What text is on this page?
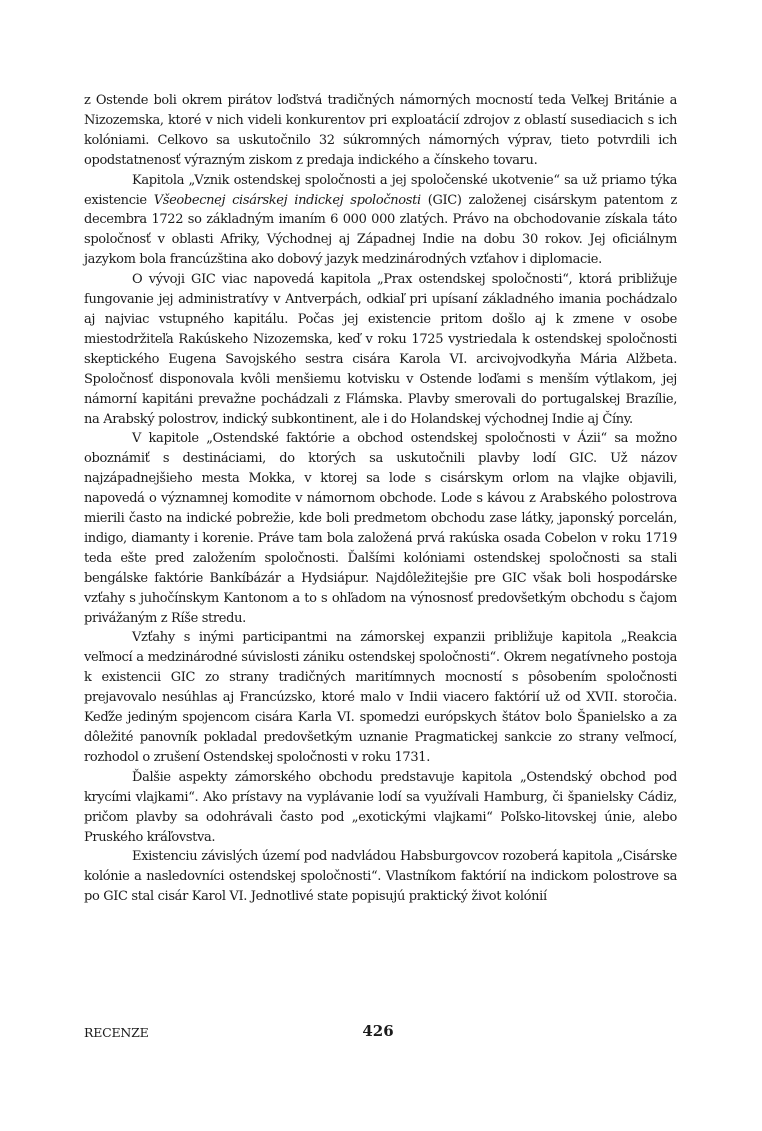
z Ostende boli okrem pirátov loďstvá tradičných námorných mocností teda Veľkej Británie a Nizozemska, ktoré v nich videli konkurentov pri exploatácií zdrojov z oblastí susediacich s ich kolóniami. Celkovo sa uskutočnilo 32 súkromných námorných výprav, tieto potvrdili ich opodstatnenosť výrazným ziskom z predaja indického a čínskeho tovaru.

Kapitola „Vznik ostendskej spoločnosti a jej spoločenské ukotvenie“ sa už priamo týka existencie Všeobecnej cisárskej indickej spoločnosti (GIC) založenej cisárskym patentom z decembra 1722 so základným imaním 6 000 000 zlatých. Právo na obchodovanie získala táto spoločnosť v oblasti Afriky, Východnej aj Západnej Indie na dobu 30 rokov. Jej oficiálnym jazykom bola francúzština ako dobový jazyk medzinárodných vzťahov i diplomacie.

O vývoji GIC viac napovedá kapitola „Prax ostendskej spoločnosti“, ktorá približuje fungovanie jej administratívy v Antverpách, odkiaľ pri upísaní základného imania pochádzalo aj najviac vstupného kapitálu. Počas jej existencie pritom došlo aj k zmene v osobe miestodržiteľa Rakúskeho Nizozemska, keď v roku 1725 vystriedala k ostendskej spoločnosti skeptického Eugena Savojského sestra cisára Karola VI. arcivojvodkyňa Mária Alžbeta. Spoločnosť disponovala kvôli menšiemu kotvisku v Ostende loďami s menším výtlakom, jej námorní kapitáni prevažne pochádzali z Flámska. Plavby smerovali do portugalskej Brazílie, na Arabský polostrov, indický subkontinent, ale i do Holandskej východnej Indie aj Číny.

V kapitole „Ostendské faktórie a obchod ostendskej spoločnosti v Ázii“ sa možno oboznámiť s destináciami, do ktorých sa uskutočnili plavby lodí GIC. Už názov najzápadnejšieho mesta Mokka, v ktorej sa lode s cisárskym orlom na vlajke objavili, napovedá o významnej komodite v námornom obchode. Lode s kávou z Arabského polostrova mierili často na indické pobrežie, kde boli predmetom obchodu zase látky, japonský porcelán, indigo, diamanty i korenie. Práve tam bola založená prvá rakúska osada Cobelon v roku 1719 teda ešte pred založením spoločnosti. Ďalšími kolóniami ostendskej spoločnosti sa stali bengálske faktórie Bankíbázár a Hydsiápur. Najdôležitejšie pre GIC však boli hospodárske vzťahy s juhočínskym Kantonom a to s ohľadom na výnosnosť predovšetkým obchodu s čajom privážaným z Ríše stredu.

Vzťahy s inými participantmi na zámorskej expanzii približuje kapitola „Reakcia veľmocí a medzinárodné súvislosti zániku ostendskej spoločnosti“. Okrem negatívneho postoja k existencii GIC zo strany tradičných maritímnych mocností s pôsobením spoločnosti prejavovalo nesúhlas aj Francúzsko, ktoré malo v Indii viacero faktórií už od XVII. storočia. Keďže jediným spojencom cisára Karla VI. spomedzi európskych štátov bolo Španielsko a za dôležité panovník pokladal predovšetkým uznanie Pragmatickej sankcie zo strany veľmocí, rozhodol o zrušení Ostendskej spoločnosti v roku 1731.

Ďalšie aspekty zámorského obchodu predstavuje kapitola „Ostendský obchod pod krycími vlajkami“. Ako prístavy na vyplávanie lodí sa využívali Hamburg, či španielsky Cádiz, pričom plavby sa odohrávali často pod „exotickými vlajkami“ Poľsko-litovskej únie, alebo Pruského kráľovstva.

Existenciu závislých území pod nadvládou Habsburgovcov rozoberá kapitola „Cisárske kolónie a nasledovníci ostendskej spoločnosti“. Vlastníkom faktórií na indickom polostrove sa po GIC stal cisár Karol VI. Jednotlivé state popisujú praktický život kolónií

RECENZE	426
